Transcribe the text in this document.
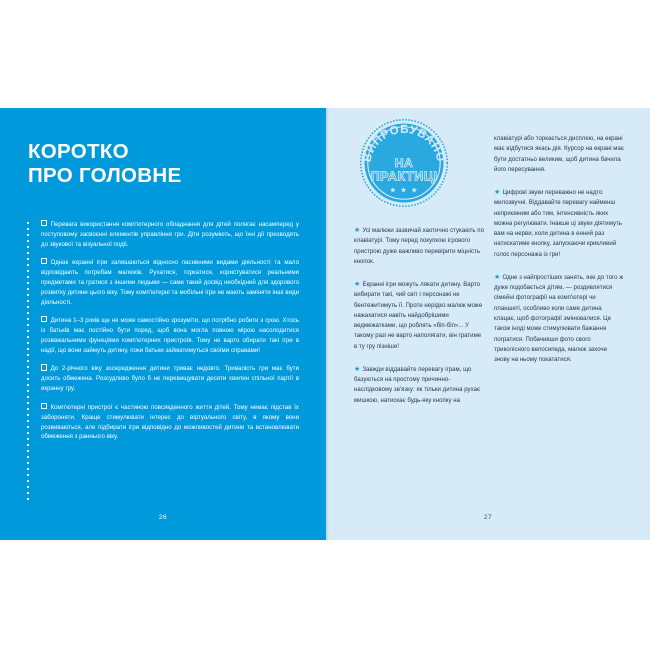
КОРОТКО
ПРО ГОЛОВНЕ

Перевага використання комп'ютерного обладнання для дітей полягає насамперед у поступовому засвоєнні елементів управління гри. Діти розуміють, що їхні дії призводять до звукової та візуальної події.

Однак екранні ігри залишаються відносно пасивними видами діяльності та мало відповідають потребам малюків. Рухатися, торкатися, користуватися реальними предметами та гратися з іншими людьми — саме такий досвід необхідний для здорового розвитку дитини цього віку. Тому комп'ютерні та мобільні ігри не мають заміняти інші види діяльності.

Дитина 1–3 років ще не може самостійно зрозуміти, що потрібно робити з грою. Хтось із батьків має постійно бути поряд, щоб вона могла повною мірою насолодитися розважальними функціями комп'ютерних пристроїв. Тому не варто обирати такі ігри в надії, що вони займуть дитину, поки батьки займатимуться своїми справами!

До 2-річного віку зосередження дитини триває недовго. Тривалість гри має бути досить обмежена. Розсудливо було б не перевищувати десяти хвилин спільної партії в екранну гру.

Комп'ютерні пристрої є частиною повсякденного життя дітей. Тому немає підстав їх забороняти. Краще стимулювати інтерес до віртуального світу, в якому вони розвиваються, але підбирати ігри відповідно до можливостей дитини та встановлювати обмеження з раннього віку.

26
ВИПРОБУВАНО
НА
ПРАКТИЦІ
★ ★ ★

★ Усі малюки зазвичай хаотично стукають по клавіатурі. Тому перед покупкою ігрового пристрою дуже важливо перевірити міцність кнопок.

★ Екранні ігри можуть лякати дитину. Варто вибирати такі, чий світ і персонажі не бентежитимуть її. Проте нерідко малюк може нажахатися навіть найдобрішими ведмежатками, що роблять «біп-біп»... У такому разі не варто наполягати, він гратиме в ту гру пізніше!

★ Завжди віддавайте перевагу іграм, що базуються на простому причинно-наслідковому зв'язку: як тільки дитина рухає мишкою, натискає будь-яку кнопку на

клавіатурі або торкається дисплею, на екрані має відбутися якась дія. Курсор на екрані має бути достатньо великим, щоб дитина бачила його пересування.

★ Цифрові звуки переважно не надто милозвучні. Віддавайте перевагу найменш неприємним або тим, інтенсивність яких можна регулювати. Інакше ці звуки діятимуть вам на нерви, коли дитина в енний раз натискатиме кнопку, запускаючи крикливий голос персонажа із гри!

★ Одне з найпростіших занять, яке до того ж дуже подобається дітям, — роздивлятися сімейні фотографії на комп'ютері чи планшеті, особливо коли саме дитина клацає, щоб фотографії змінювалися. Це також іноді може стимулювати бажання погратися. Побачивши фото свого триколісного велосипеда, малюк захоче знову на ньому покататися.

27
